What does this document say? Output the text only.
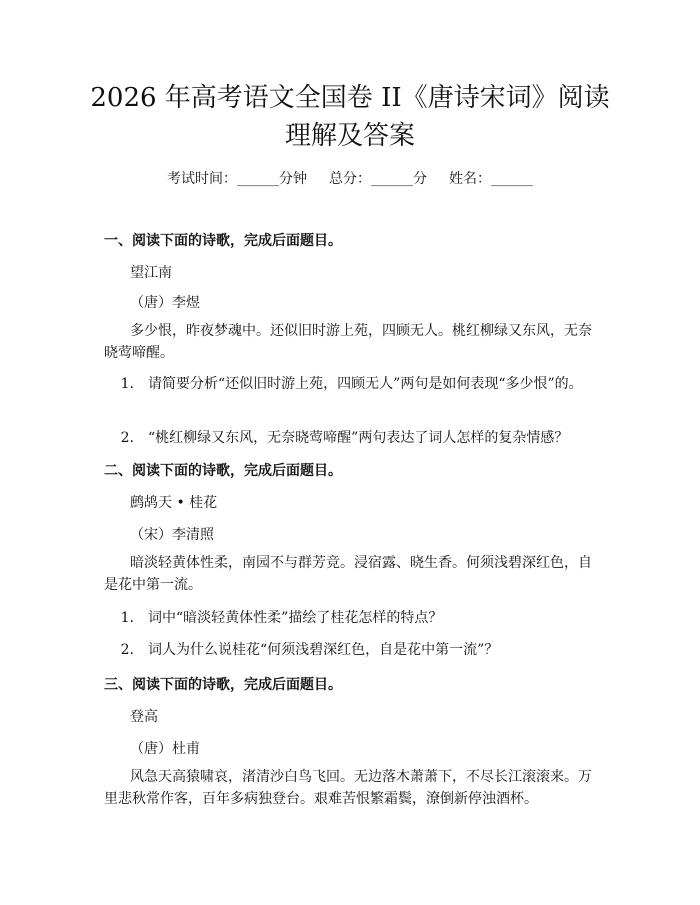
2026 年高考语文全国卷 II《唐诗宋词》阅读
理解及答案
考试时间：______分钟 总分：______分 姓名：______
一、阅读下面的诗歌，完成后面题目。
望江南
（唐）李煜
多少恨，昨夜梦魂中。还似旧时游上苑，四顾无人。桃红柳绿又东风，无奈晓莺啼醒。
1. 请简要分析“还似旧时游上苑，四顾无人”两句是如何表现“多少恨”的。
2. “桃红柳绿又东风，无奈晓莺啼醒”两句表达了词人怎样的复杂情感？
二、阅读下面的诗歌，完成后面题目。
鹧鸪天 • 桂花
（宋）李清照
暗淡轻黄体性柔，南园不与群芳竞。浸宿露、晓生香。何须浅碧深红色，自是花中第一流。
1. 词中“暗淡轻黄体性柔”描绘了桂花怎样的特点？
2. 词人为什么说桂花“何须浅碧深红色，自是花中第一流”？
三、阅读下面的诗歌，完成后面题目。
登高
（唐）杜甫
风急天高猿啸哀，渚清沙白鸟飞回。无边落木萧萧下，不尽长江滚滚来。万里悲秋常作客，百年多病独登台。艰难苦恨繁霜鬓，潦倒新停浊酒杯。
